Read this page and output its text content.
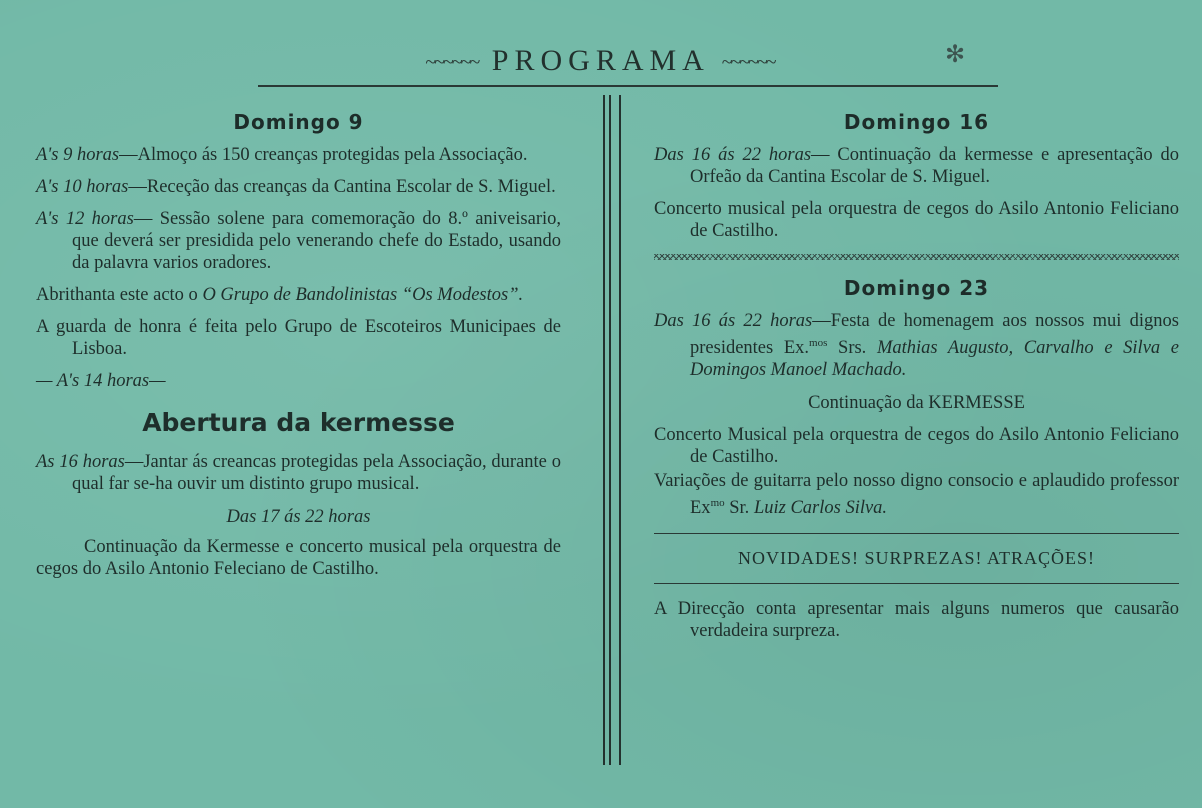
~~~~~~ PROGRAMA ~~~~~~	✻
Domingo 9
A's 9 horas—Almoço ás 150 creanças protegidas pela Associação.
A's 10 horas—Receção das creanças da Cantina Escolar de S. Miguel.
A's 12 horas— Sessão solene para comemoração do 8.º aniveisario, que deverá ser presidida pelo venerando chefe do Estado, usando da palavra varios oradores.
Abrithanta este acto o O Grupo de Bandolinistas “Os Modestos”.
A guarda de honra é feita pelo Grupo de Escoteiros Municipaes de Lisboa.
— A's 14 horas—
Abertura da kermesse
As 16 horas—Jantar ás creancas protegidas pela Associação, durante o qual far se-ha ouvir um distinto grupo musical.
Das 17 ás 22 horas
Continuação da Kermesse e concerto musical pela orquestra de cegos do Asilo Antonio Feleciano de Castilho.
Domingo 16
Das 16 ás 22 horas— Continuação da kermesse e apresentação do Orfeão da Cantina Escolar de S. Miguel.
Concerto musical pela orquestra de cegos do Asilo Antonio Feliciano de Castilho.
Domingo 23
Das 16 ás 22 horas—Festa de homenagem aos nossos mui dignos presidentes Ex.$^{mos}$ Srs. Mathias Augusto, Carvalho e Silva e Domingos Manoel Machado.
Continuação da KERMESSE
Concerto Musical pela orquestra de cegos do Asilo Antonio Feliciano de Castilho.
Variações de guitarra pelo nosso digno consocio e aplaudido professor $Ex^{mo}$ Sr. Luiz Carlos Silva.
NOVIDADES! SURPREZAS! ATRAÇÕES!
A Direcção conta apresentar mais alguns numeros que causarão verdadeira surpreza.
